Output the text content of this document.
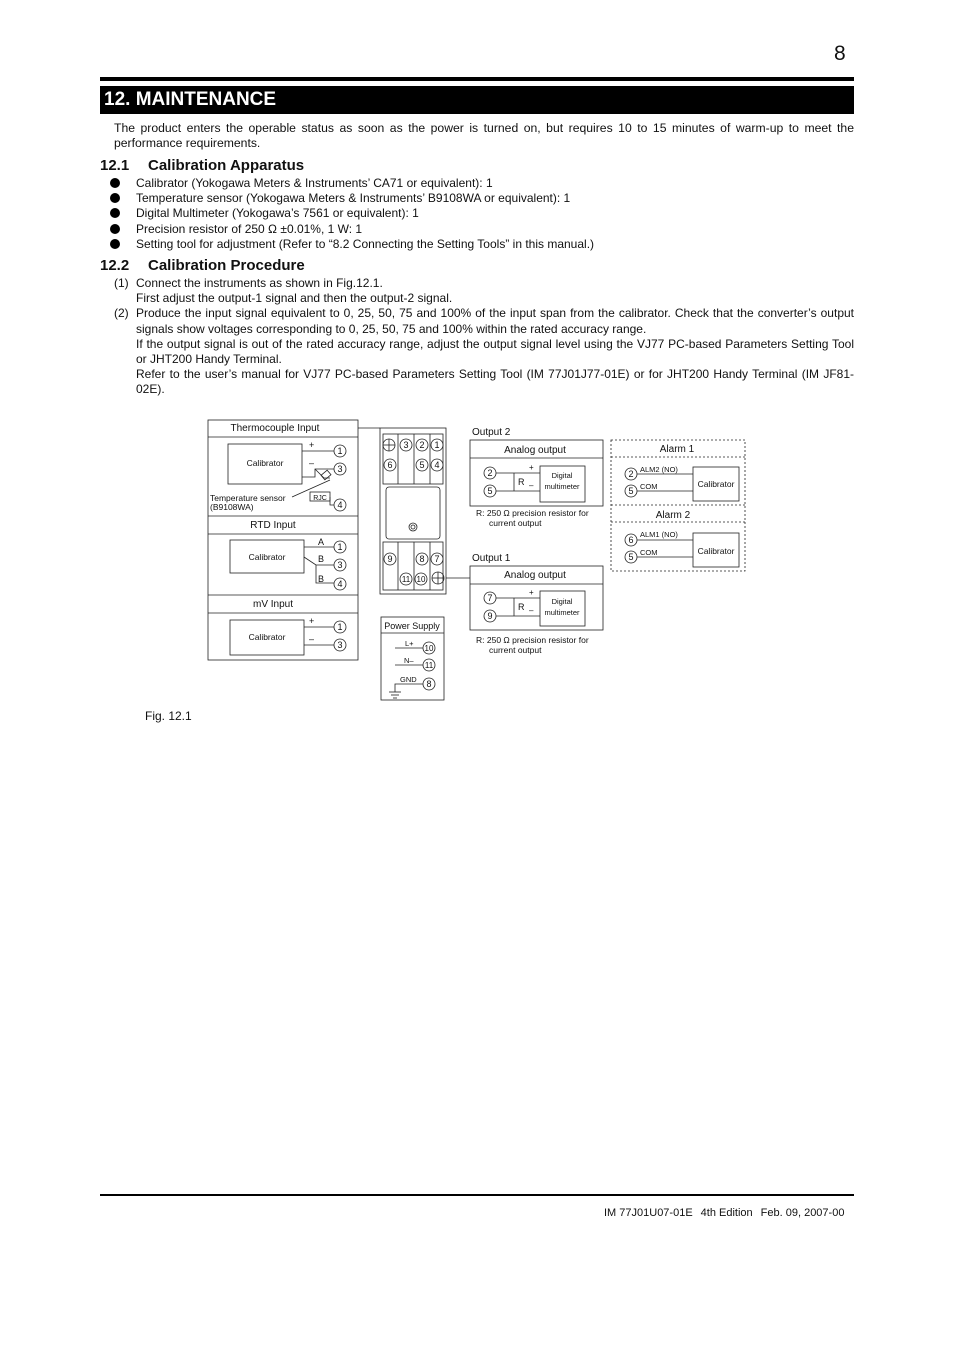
8
12. MAINTENANCE

The product enters the operable status as soon as the power is turned on, but requires 10 to 15 minutes of warm-up to meet the performance requirements.

12.1 Calibration Apparatus
Calibrator (Yokogawa Meters & Instruments’ CA71 or equivalent): 1
Temperature sensor (Yokogawa Meters & Instruments’ B9108WA or equivalent): 1
Digital Multimeter (Yokogawa’s 7561 or equivalent): 1
Precision resistor of 250 Ω ±0.01%, 1 W: 1
Setting tool for adjustment (Refer to “8.2 Connecting the Setting Tools” in this manual.)
12.2 Calibration Procedure
(1) Connect the instruments as shown in Fig.12.1.
First adjust the output-1 signal and then the output-2 signal.
(2) Produce the input signal equivalent to 0, 25, 50, 75 and 100% of the input span from the calibrator. Check that the converter’s output signals show voltages corresponding to 0, 25, 50, 75 and 100% within the rated accuracy range.
If the output signal is out of the rated accuracy range, adjust the output signal level using the VJ77 PC-based Parameters Setting Tool or JHT200 Handy Terminal.
Refer to the user’s manual for VJ77 PC-based Parameters Setting Tool (IM 77J01J77-01E) or for JHT200 Handy Terminal (IM JF81-02E).
Thermocouple Input
Calibrator
+
–
Temperature sensor
(B9108WA)
RJC
RTD Input
Calibrator
A
B
B
mV Input
Calibrator
+
–
Power Supply
L+
N–
GND
Output 2
Analog output
R
+
–
Digital
multimeter
R: 250 Ω precision resistor for
current output
Output 1
Analog output
R
+
–
Digital
multimeter
R: 250 Ω precision resistor for
current output
Alarm 1
ALM2 (NO)
COM	Calibrator
Alarm 2
ALM1 (NO)
COM	Calibrator
1
3
4
1
3
4
1
3
3 2 1
6	5 4
9	8 7
11 10
10
11
8
2
5
7
9
2
5
6
5
Fig. 12.1
IM 77J01U07-01E 4th Edition Feb. 09, 2007-00
